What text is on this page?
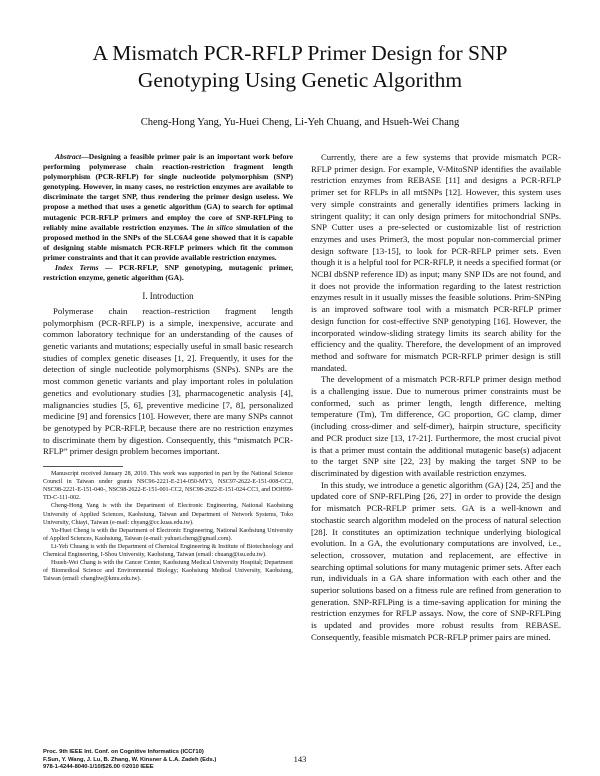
A Mismatch PCR-RFLP Primer Design for SNP Genotyping Using Genetic Algorithm
Cheng-Hong Yang, Yu-Huei Cheng, Li-Yeh Chuang, and Hsueh-Wei Chang

Abstract—Designing a feasible primer pair is an important work before performing polymerase chain reaction-restriction fragment length polymorphism (PCR-RFLP) for single nucleotide polymorphism (SNP) genotyping. However, in many cases, no restriction enzymes are available to discriminate the target SNP, thus rendering the primer design useless. We propose a method that uses a genetic algorithm (GA) to search for optimal mutagenic PCR-RFLP primers and employ the core of SNP-RFLPing to reliably mine available restriction enzymes. The in silico simulation of the proposed method in the SNPs of the SLC6A4 gene showed that it is capable of designing stable mismatch PCR-RFLP primers which fit the common primer constraints and that it can provide available restriction enzymes.

Index Terms — PCR-RFLP, SNP genotyping, mutagenic primer, restriction enzyme, genetic algorithm (GA).

I. Introduction

Polymerase chain reaction–restriction fragment length polymorphism (PCR-RFLP) is a simple, inexpensive, accurate and common laboratory technique for an understanding of the causes of genetic variants and mutations; especially useful in small basic research studies of complex genetic diseases [1, 2]. Frequently, it uses for the detection of single nucleotide polymorphisms (SNPs). SNPs are the most common genetic variants and play important roles in polulation genetics and evolutionary studies [3], pharmacogenetic analysis [4], malignancies studies [5, 6], preventive medicine [7, 8], personalized medicine [9] and forensics [10]. However, there are many SNPs cannot be genotyped by PCR-RFLP, because there are no restriction enzymes to discriminate them by digestion. Consequently, this “mismatch PCR-RFLP” primer design problem becomes important.

Manuscript received January 28, 2010. This work was supported in part by the National Science Council in Taiwan under grants NSC96-2221-E-214-050-MY3, NSC97-2622-E-151-008-CC2, NSC98-2221-E-151-040-, NSC98-2622-E-151-001-CC2, NSC98-2622-E-151-024-CC3, and DOH99-TD-C-111-002.

Cheng-Hong Yang is with the Department of Electronic Engineering, National Kaohsiung University of Applied Sciences, Kaohsiung, Taiwan and Department of Network Systems, Toko University, Chiayi, Taiwan (e-mail: chyang@cc.kuas.edu.tw).

Yu-Huei Cheng is with the Department of Electronic Engineering, National Kaohsiung University of Applied Sciences, Kaohsiung, Taiwan (e-mail: yuhuei.cheng@gmail.com).

Li-Yeh Chuang is with the Department of Chemical Engineering & Institute of Biotechnology and Chemical Engineering, I-Shou University, Kaohsiung, Taiwan (email: chuang@isu.edu.tw).

Hsueh-Wei Chang is with the Cancer Center, Kaohsiung Medical University Hospital; Department of Biomedical Science and Environmental Biology; Kaohsiung Medical University, Kaohsiung, Taiwan (email: changhw@kmu.edu.tw).

Currently, there are a few systems that provide mismatch PCR-RFLP primer design. For example, V-MitoSNP identifies the available restriction enzymes from REBASE [11] and designs a PCR-RFLP primer set for RFLPs in all mtSNPs [12]. However, this system uses very simple constraints and generally identifies primers lacking in stringent quality; it can only design primers for mitochondrial SNPs. SNP Cutter uses a pre-selected or customizable list of restriction enzymes and uses Primer3, the most popular non-commercial primer design software [13-15], to look for PCR-RFLP primer sets. Even though it is a helpful tool for PCR-RFLP, it needs a specified format (or NCBI dbSNP reference ID) as input; many SNP IDs are not found, and it does not provide the information regarding to the latest restriction enzymes result in it usually misses the feasible solutions. Prim-SNPing is an improved software tool with a mismatch PCR-RFLP primer design function for cost-effective SNP genotyping [16]. However, the incorporated window-sliding strategy limits its search ability for the efficiency and the quality. Therefore, the development of an improved method and software for mismatch PCR-RFLP primer design is still mandated.

The development of a mismatch PCR-RFLP primer design method is a challenging issue. Due to numerous primer constraints must be conformed, such as primer length, length difference, melting temperature (Tm), Tm difference, GC proportion, GC clamp, dimer (including cross-dimer and self-dimer), hairpin structure, specificity and PCR product size [13, 17-21]. Furthermore, the most crucial pivot is that a primer must contain the additional mutagenic base(s) adjacent to the target SNP site [22, 23] by making the target SNP to be discriminated by digestion with available restriction enzymes.

In this study, we introduce a genetic algorithm (GA) [24, 25] and the updated core of SNP-RFLPing [26, 27] in order to provide the design for mismatch PCR-RFLP primer sets. GA is a well-known and stochastic search algorithm modeled on the process of natural selection [28]. It constitutes an optimization technique underlying biological evolution. In a GA, the evolutionary computations are involved, i.e., selection, crossover, mutation and replacement, are effective in searching optimal solutions for many mutagenic primer sets. After each run, individuals in a GA share information with each other and the superior solutions based on a fitness rule are refined from generation to generation. SNP-RFLPing is a time-saving application for mining the restriction enzymes for RFLP assays. Now, the core of SNP-RFLPing is updated and provides more robust results from REBASE. Consequently, feasible mismatch PCR-RFLP primer pairs are mined.

Proc. 9th IEEE Int. Conf. on Cognitive Informatics (ICCI'10)
F.Sun, Y. Wang, J. Lu, B. Zhang, W. Kinsner & L.A. Zadeh (Eds.)
978-1-4244-8040-1/10/$26.00 ©2010 IEEE
143
